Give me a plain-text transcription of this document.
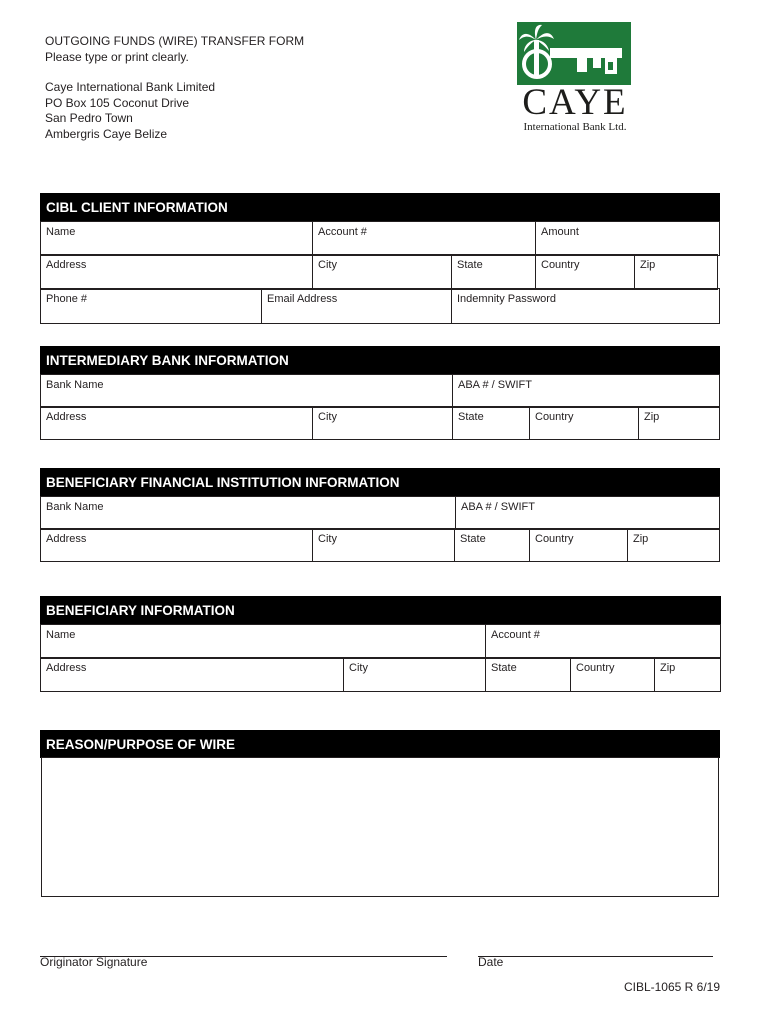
OUTGOING FUNDS (WIRE) TRANSFER FORM
Please type or print clearly.
Caye International Bank Limited
PO Box 105 Coconut Drive
San Pedro Town
Ambergris Caye Belize
CAYE
International Bank Ltd.
CIBL CLIENT INFORMATION
Name	Account #	Amount
Address	City	State	Country	Zip
Phone #	Email Address	Indemnity Password
INTERMEDIARY BANK INFORMATION
Bank Name	ABA # / SWIFT
Address	City	State	Country	Zip
BENEFICIARY FINANCIAL INSTITUTION INFORMATION
Bank Name	ABA # / SWIFT
Address	City	State	Country	Zip
BENEFICIARY INFORMATION
Name	Account #
Address	City	State	Country	Zip
REASON/PURPOSE OF WIRE
Originator Signature	Date
CIBL-1065 R 6/19
